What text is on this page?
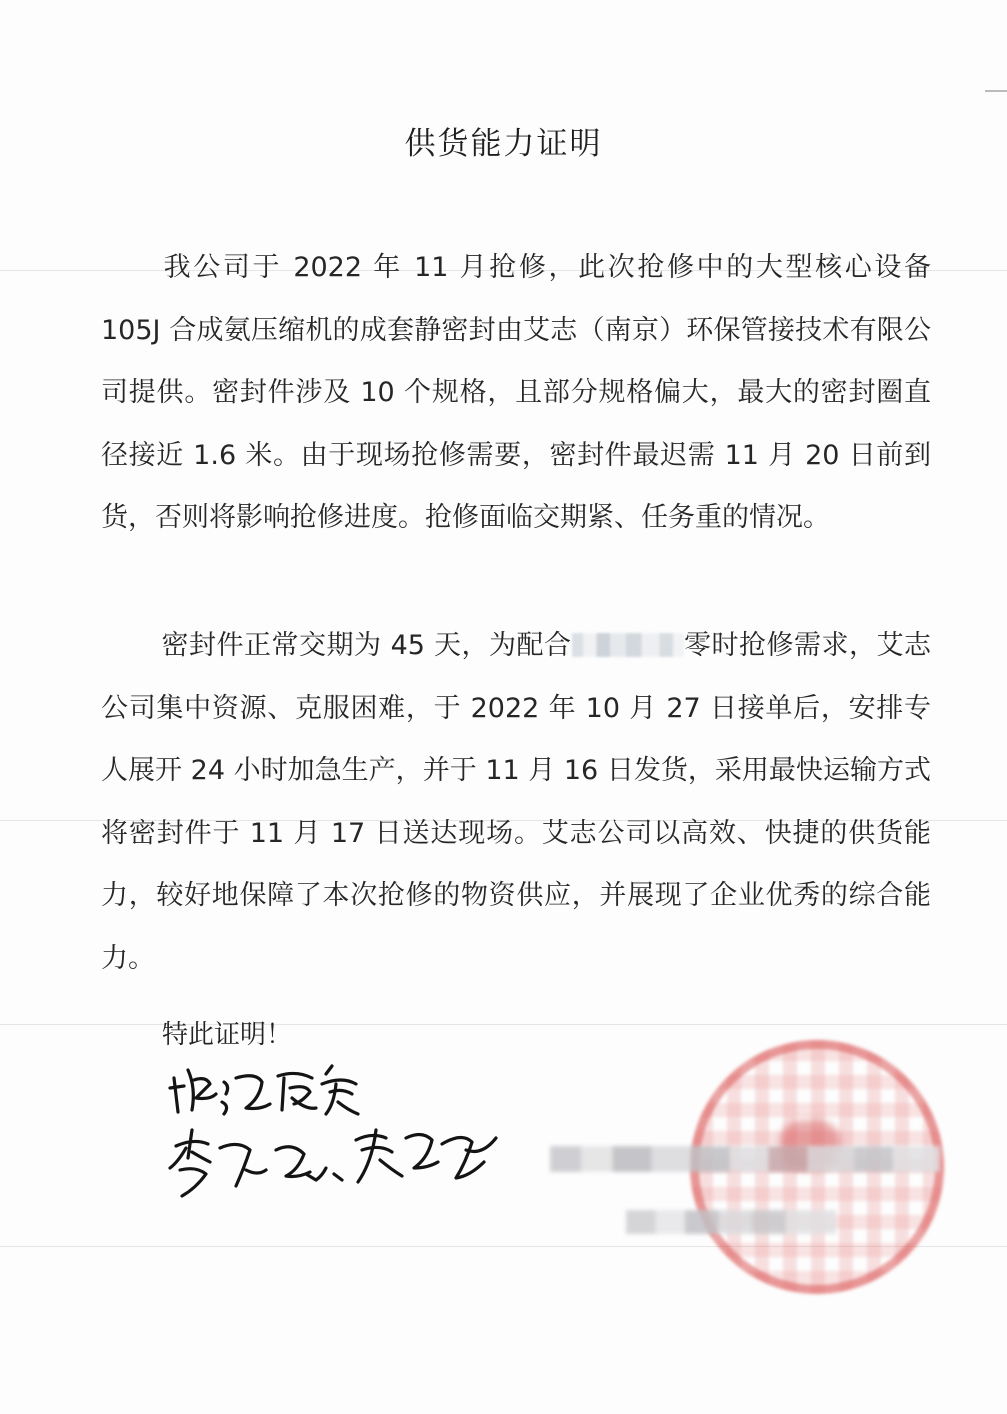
供货能力证明
我公司于 2022 年 11 月抢修，此次抢修中的大型核心设备 105J 合成氨压缩机的成套静密封由艾志（南京）环保管接技术有限公司提供。密封件涉及 10 个规格，且部分规格偏大，最大的密封圈直径接近 1.6 米。由于现场抢修需要，密封件最迟需 11 月 20 日前到货，否则将影响抢修进度。抢修面临交期紧、任务重的情况。
密封件正常交期为 45 天，为配合	零时抢修需求，艾志公司集中资源、克服困难，于 2022 年 10 月 27 日接单后，安排专人展开 24 小时加急生产，并于 11 月 16 日发货，采用最快运输方式将密封件于 11 月 17 日送达现场。艾志公司以高效、快捷的供货能力，较好地保障了本次抢修的物资供应，并展现了企业优秀的综合能力。
特此证明！
